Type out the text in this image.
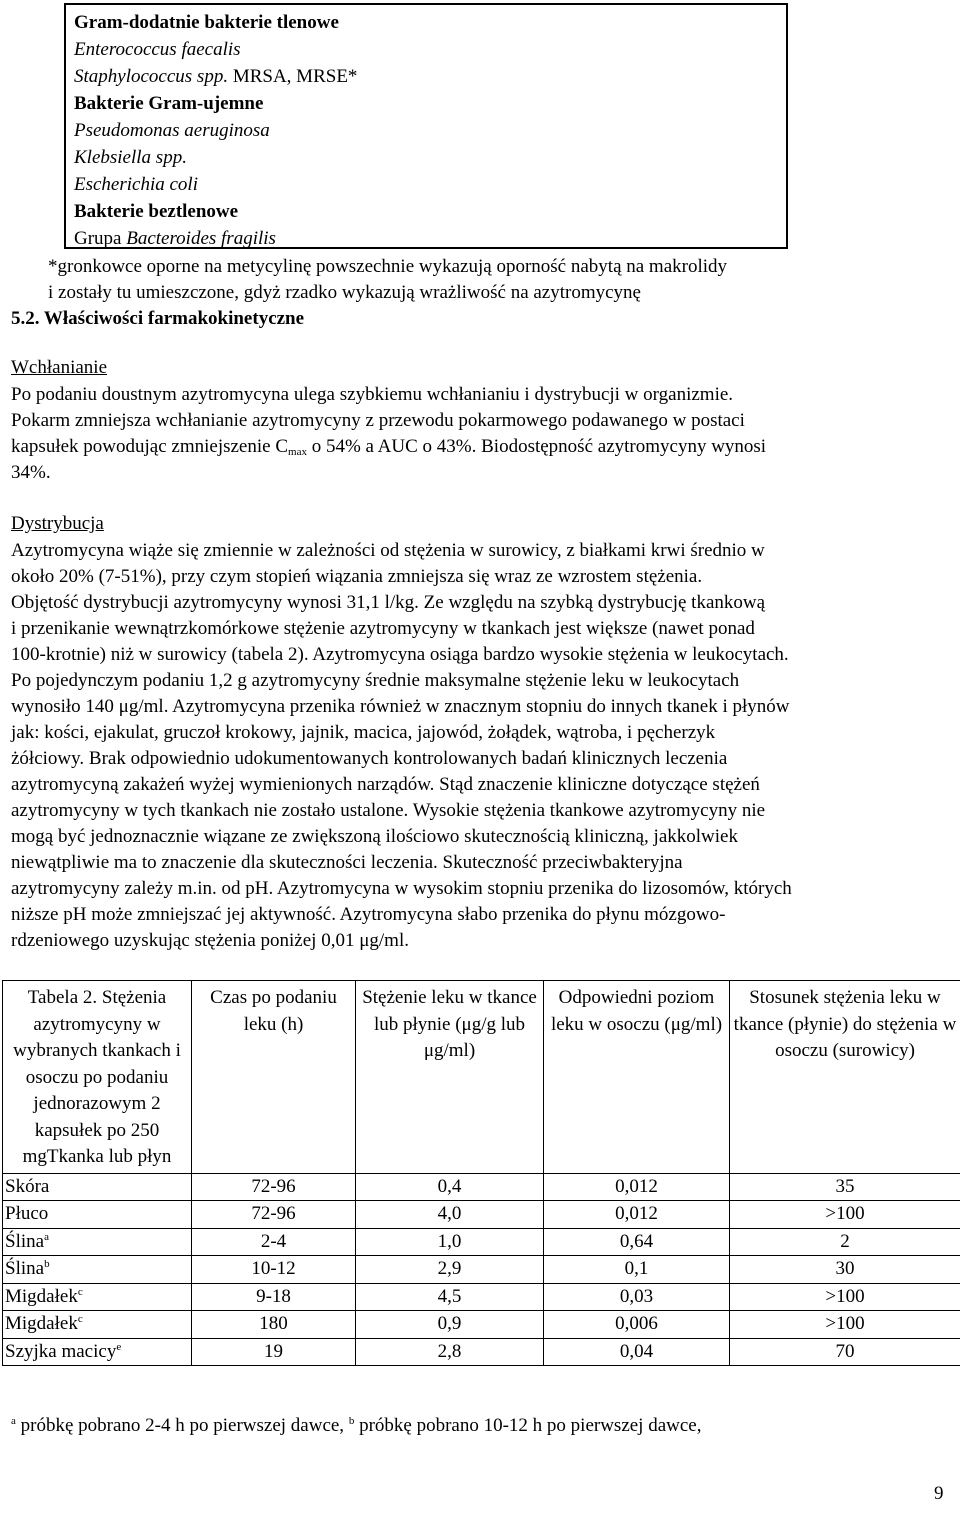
Gram-dodatnie bakterie tlenowe
Enterococcus faecalis
Staphylococcus spp. MRSA, MRSE*
Bakterie Gram-ujemne
Pseudomonas aeruginosa
Klebsiella spp.
Escherichia coli
Bakterie beztlenowe
Grupa Bacteroides fragilis
*gronkowce oporne na metycylinę powszechnie wykazują oporność nabytą na makrolidy
i zostały tu umieszczone, gdyż rzadko wykazują wrażliwość na azytromycynę
5.2. Właściwości farmakokinetyczne
Wchłanianie
Po podaniu doustnym azytromycyna ulega szybkiemu wchłanianiu i dystrybucji w organizmie.
Pokarm zmniejsza wchłanianie azytromycyny z przewodu pokarmowego podawanego w postaci
kapsułek powodując zmniejszenie $C_{max}$ o 54% a AUC o 43%. Biodostępność azytromycyny wynosi
34%.
Dystrybucja
Azytromycyna wiąże się zmiennie w zależności od stężenia w surowicy, z białkami krwi średnio w
około 20% (7-51%), przy czym stopień wiązania zmniejsza się wraz ze wzrostem stężenia.
Objętość dystrybucji azytromycyny wynosi 31,1 l/kg. Ze względu na szybką dystrybucję tkankową
i przenikanie wewnątrzkomórkowe stężenie azytromycyny w tkankach jest większe (nawet ponad
100-krotnie) niż w surowicy (tabela 2). Azytromycyna osiąga bardzo wysokie stężenia w leukocytach.
Po pojedynczym podaniu 1,2 g azytromycyny średnie maksymalne stężenie leku w leukocytach
wynosiło 140 μg/ml. Azytromycyna przenika również w znacznym stopniu do innych tkanek i płynów
jak: kości, ejakulat, gruczoł krokowy, jajnik, macica, jajowód, żołądek, wątroba, i pęcherzyk
żółciowy. Brak odpowiednio udokumentowanych kontrolowanych badań klinicznych leczenia
azytromycyną zakażeń wyżej wymienionych narządów. Stąd znaczenie kliniczne dotyczące stężeń
azytromycyny w tych tkankach nie zostało ustalone. Wysokie stężenia tkankowe azytromycyny nie
mogą być jednoznacznie wiązane ze zwiększoną ilościowo skutecznością kliniczną, jakkolwiek
niewątpliwie ma to znaczenie dla skuteczności leczenia. Skuteczność przeciwbakteryjna
azytromycyny zależy m.in. od pH. Azytromycyna w wysokim stopniu przenika do lizosomów, których
niższe pH może zmniejszać jej aktywność. Azytromycyna słabo przenika do płynu mózgowo-
rdzeniowego uzyskując stężenia poniżej 0,01 μg/ml.
Tabela 2. Stężenia azytromycyny w wybranych tkankach i osoczu po podaniu jednorazowym 2 kapsułek po 250 mgTkanka lub płyn	Czas po podaniu leku (h)	Stężenie leku w tkance lub płynie (μg/g lub μg/ml)	Odpowiedni poziom leku w osoczu (μg/ml)	Stosunek stężenia leku w tkance (płynie) do stężenia w osoczu (surowicy)
Skóra	72-96	0,4	0,012	35
Płuco	72-96	4,0	0,012	>100
Ślina$^a$	2-4	1,0	0,64	2
Ślina$^b$	10-12	2,9	0,1	30
Migdałek$^c$	9-18	4,5	0,03	>100
Migdałek$^c$	180	0,9	0,006	>100
Szyjka macicy$^e$	19	2,8	0,04	70
$^a$ próbkę pobrano 2-4 h po pierwszej dawce, $^b$ próbkę pobrano 10-12 h po pierwszej dawce,
9
